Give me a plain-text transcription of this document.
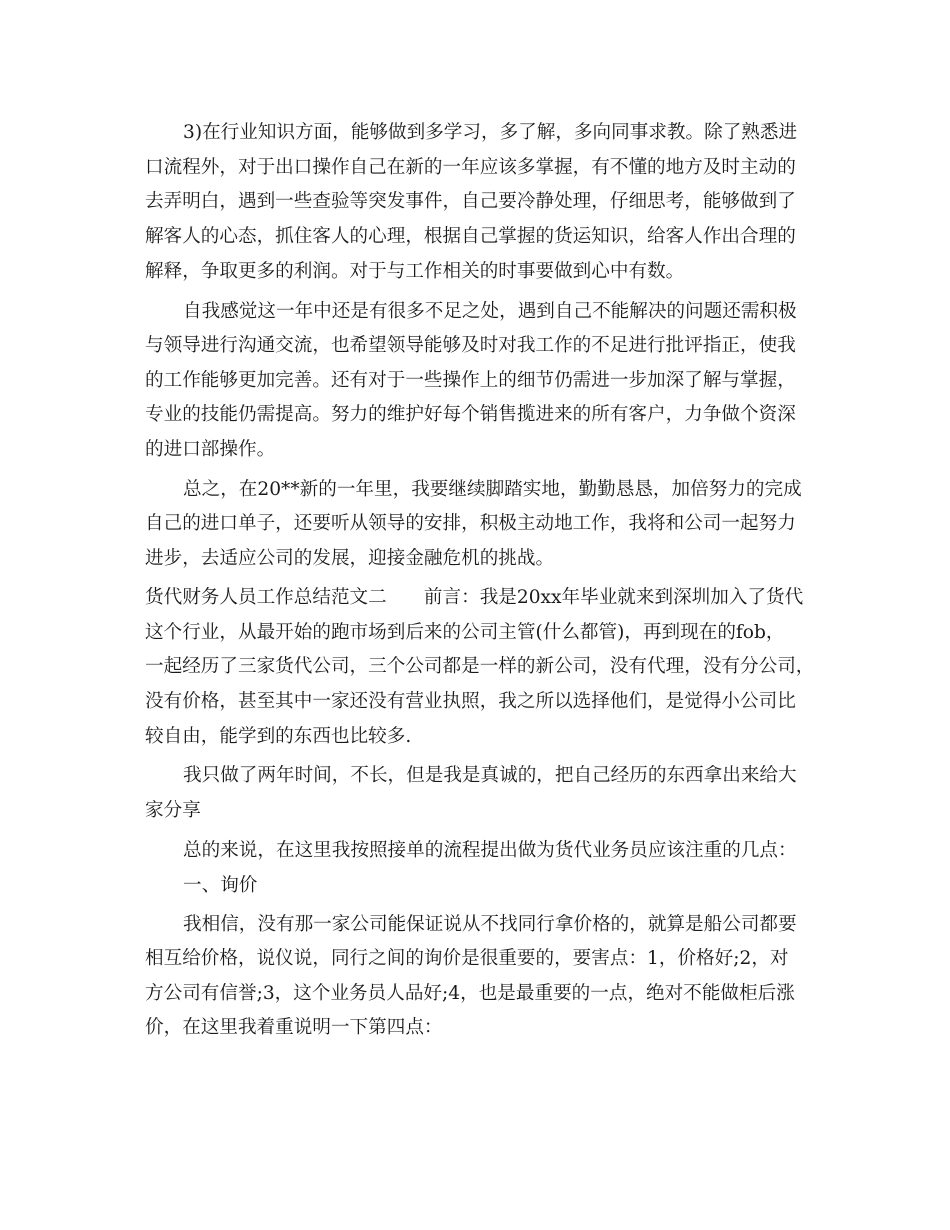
3)在行业知识方面，能够做到多学习，多了解，多向同事求教。除了熟悉进

口流程外，对于出口操作自己在新的一年应该多掌握，有不懂的地方及时主动的

去弄明白，遇到一些查验等突发事件，自己要冷静处理，仔细思考，能够做到了

解客人的心态，抓住客人的心理，根据自己掌握的货运知识，给客人作出合理的

解释，争取更多的利润。对于与工作相关的时事要做到心中有数。

自我感觉这一年中还是有很多不足之处，遇到自己不能解决的问题还需积极

与领导进行沟通交流，也希望领导能够及时对我工作的不足进行批评指正，使我

的工作能够更加完善。还有对于一些操作上的细节仍需进一步加深了解与掌握，

专业的技能仍需提高。努力的维护好每个销售揽进来的所有客户，力争做个资深

的进口部操作。

总之，在20**新的一年里，我要继续脚踏实地，勤勤恳恳，加倍努力的完成

自己的进口单子，还要听从领导的安排，积极主动地工作，我将和公司一起努力

进步，去适应公司的发展，迎接金融危机的挑战。

货代财务人员工作总结范文二　　前言：我是20xx年毕业就来到深圳加入了货代

这个行业，从最开始的跑市场到后来的公司主管(什么都管)，再到现在的fob，

一起经历了三家货代公司，三个公司都是一样的新公司，没有代理，没有分公司，

没有价格，甚至其中一家还没有营业执照，我之所以选择他们，是觉得小公司比

较自由，能学到的东西也比较多.

我只做了两年时间，不长，但是我是真诚的，把自己经历的东西拿出来给大

家分享

总的来说，在这里我按照接单的流程提出做为货代业务员应该注重的几点：

一、询价

我相信，没有那一家公司能保证说从不找同行拿价格的，就算是船公司都要

相互给价格，说仪说，同行之间的询价是很重要的，要害点：1，价格好;2，对

方公司有信誉;3，这个业务员人品好;4，也是最重要的一点，绝对不能做柜后涨

价，在这里我着重说明一下第四点：
